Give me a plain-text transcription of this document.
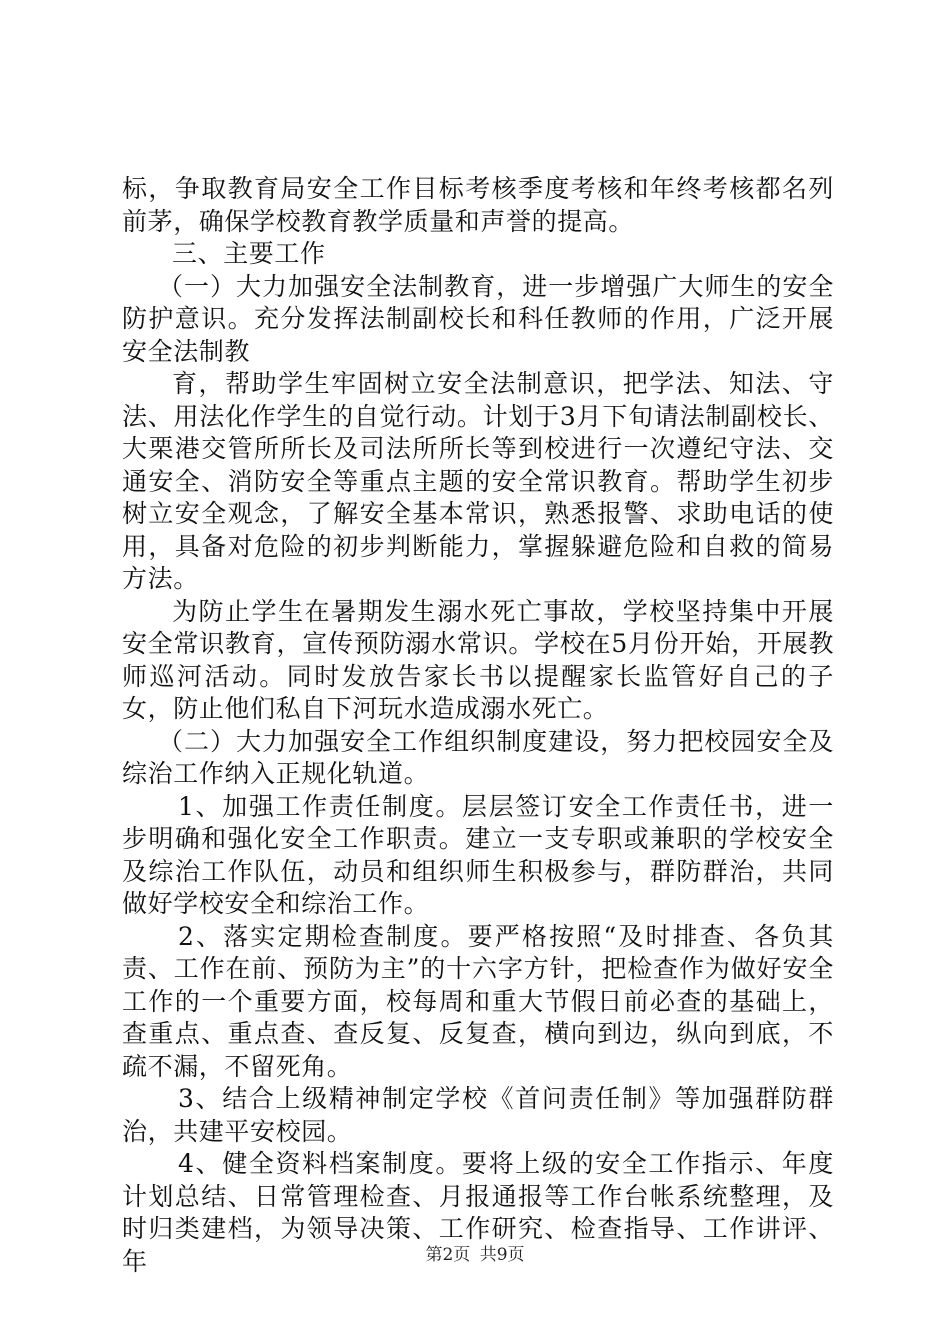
标，争取教育局安全工作目标考核季度考核和年终考核都名列前茅，确保学校教育教学质量和声誉的提高。

三、主要工作

（一）大力加强安全法制教育，进一步增强广大师生的安全防护意识。充分发挥法制副校长和科任教师的作用，广泛开展安全法制教

育，帮助学生牢固树立安全法制意识，把学法、知法、守法、用法化作学生的自觉行动。计划于3月下旬请法制副校长、大栗港交管所所长及司法所所长等到校进行一次遵纪守法、交通安全、消防安全等重点主题的安全常识教育。帮助学生初步树立安全观念，了解安全基本常识，熟悉报警、求助电话的使用，具备对危险的初步判断能力，掌握躲避危险和自救的简易方法。

为防止学生在暑期发生溺水死亡事故，学校坚持集中开展安全常识教育，宣传预防溺水常识。学校在5月份开始，开展教师巡河活动。同时发放告家长书以提醒家长监管好自己的子女，防止他们私自下河玩水造成溺水死亡。

（二）大力加强安全工作组织制度建设，努力把校园安全及综治工作纳入正规化轨道。

1、加强工作责任制度。层层签订安全工作责任书，进一步明确和强化安全工作职责。建立一支专职或兼职的学校安全及综治工作队伍，动员和组织师生积极参与，群防群治，共同做好学校安全和综治工作。

2、落实定期检查制度。要严格按照“及时排查、各负其责、工作在前、预防为主”的十六字方针，把检查作为做好安全工作的一个重要方面，校每周和重大节假日前必查的基础上，查重点、重点查、查反复、反复查，横向到边，纵向到底，不疏不漏，不留死角。

3、结合上级精神制定学校《首问责任制》等加强群防群治，共建平安校园。

4、健全资料档案制度。要将上级的安全工作指示、年度计划总结、日常管理检查、月报通报等工作台帐系统整理，及时归类建档，为领导决策、工作研究、检查指导、工作讲评、年	第2页 共9页
